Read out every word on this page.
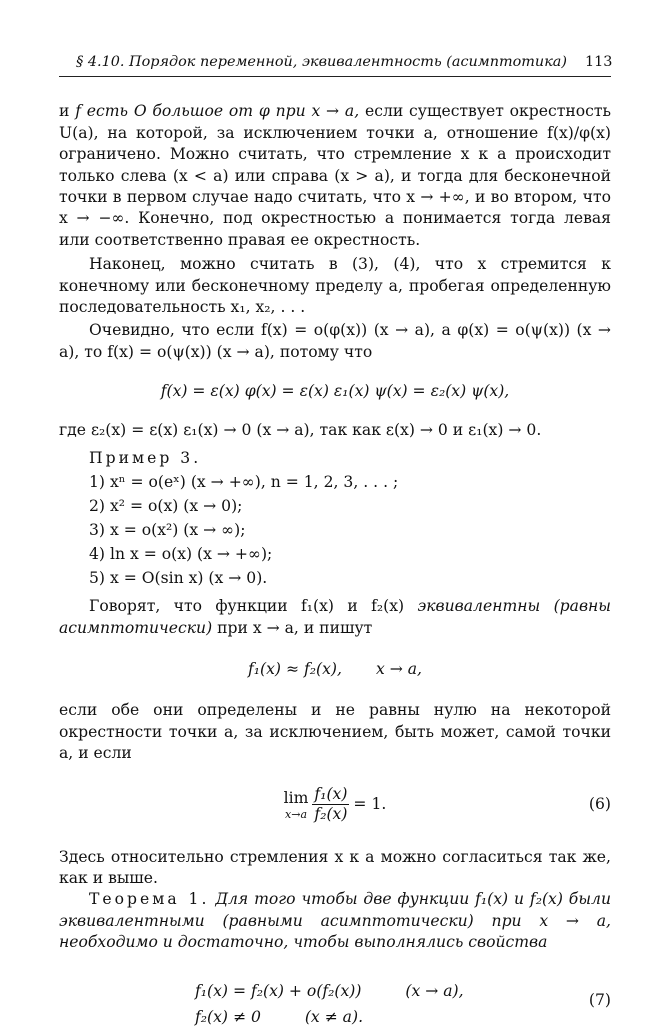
§ 4.10. Порядок переменной, эквивалентность (асимптотика)	113

и f есть O большое от φ при x → a, если существует окрестность U(a), на которой, за исключением точки a, отношение f(x)/φ(x) ограничено. Можно считать, что стремление x к a происходит только слева (x < a) или справа (x > a), и тогда для бесконечной точки в первом случае надо считать, что x → +∞, и во втором, что x → −∞. Конечно, под окрестностью a понимается тогда левая или соответственно правая ее окрестность.

Наконец, можно считать в (3), (4), что x стремится к конечному или бесконечному пределу a, пробегая определенную последовательность x₁, x₂, . . .

Очевидно, что если f(x) = o(φ(x)) (x → a), а φ(x) = o(ψ(x)) (x → a), то f(x) = o(ψ(x)) (x → a), потому что

f(x) = ε(x) φ(x) = ε(x) ε₁(x) ψ(x) = ε₂(x) ψ(x),

где ε₂(x) = ε(x) ε₁(x) → 0 (x → a), так как ε(x) → 0 и ε₁(x) → 0.

Пример 3.
1) xⁿ = o(eˣ) (x → +∞), n = 1, 2, 3, . . . ;
2) x² = o(x) (x → 0);
3) x = o(x²) (x → ∞);
4) ln x = o(x) (x → +∞);
5) x = O(sin x) (x → 0).

Говорят, что функции f₁(x) и f₂(x) эквивалентны (равны асимптотически) при x → a, и пишут

f₁(x) ≈ f₂(x), x → a,

если обе они определены и не равны нулю на некоторой окрестности точки a, за исключением, быть может, самой точки a, и если

lim
$x\to a \frac{\text{f₁(x)}}{\text{f₂(x)}} = 1$.	(6)

Здесь относительно стремления x к a можно согласиться так же, как и выше.

Теорема 1. Для того чтобы две функции f₁(x) и f₂(x) были эквивалентными (равными асимптотически) при x → a, необходимо и достаточно, чтобы выполнялись свойства

f₁(x) = f₂(x) + o(f₂(x))	(x → a),
f₂(x) ≠ 0	(x ≠ a).
(7)
